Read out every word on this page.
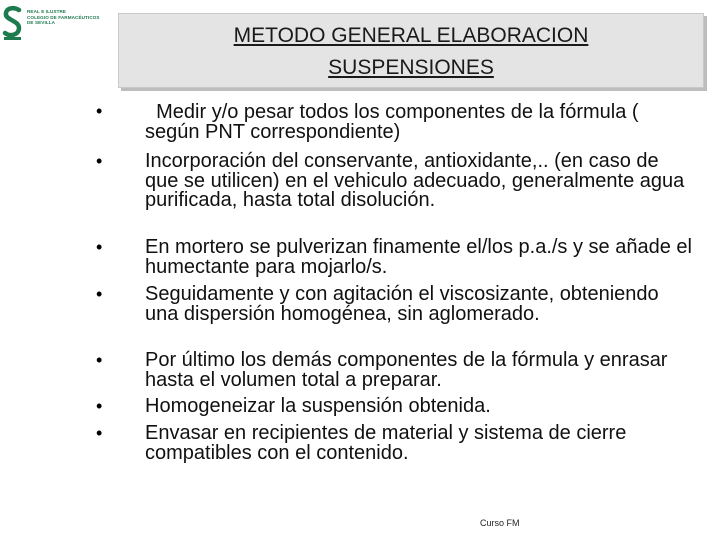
REAL E ILUSTRE
COLEGIO DE FARMACÉUTICOS
DE SEVILLA
METODO GENERAL ELABORACION
SUSPENSIONES
• Medir y/o pesar todos los componentes de la fórmula ( según PNT correspondiente)
• Incorporación del conservante, antioxidante,.. (en caso de que se utilicen) en el vehiculo adecuado, generalmente agua purificada, hasta total disolución.
• En mortero se pulverizan finamente el/los p.a./s y se añade el humectante para mojarlo/s.
• Seguidamente y con agitación el viscosizante, obteniendo una dispersión homogénea, sin aglomerado.
• Por último los demás componentes de la fórmula y enrasar hasta el volumen total a preparar.
• Homogeneizar la suspensión obtenida.
• Envasar en recipientes de material y sistema de cierre compatibles con el contenido.
Curso FM
